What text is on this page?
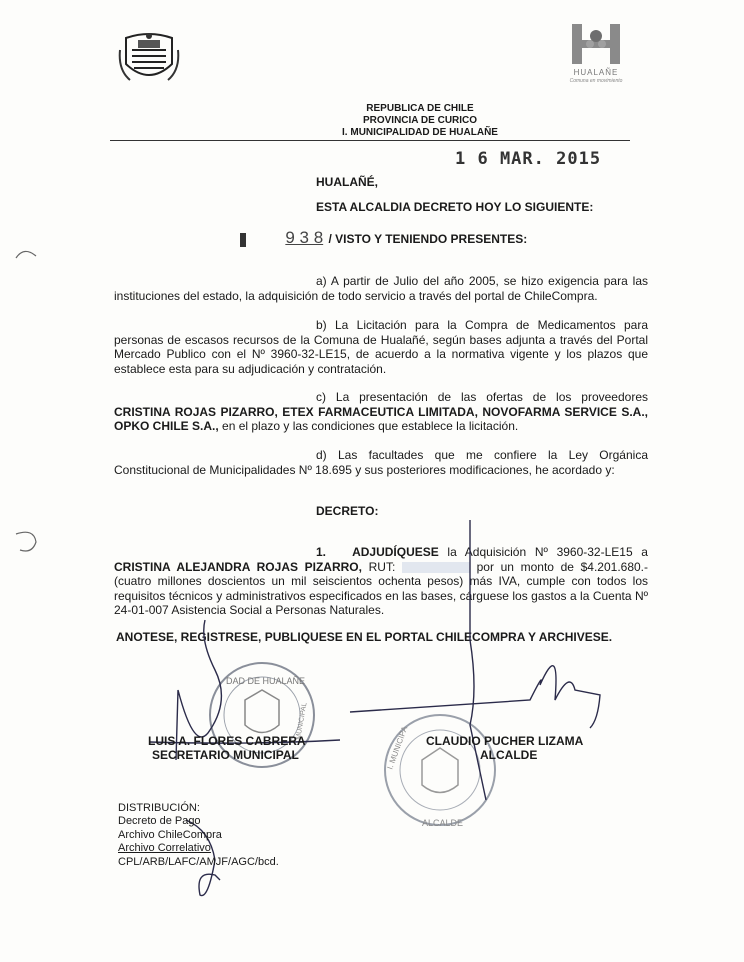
HUALAÑE
Comuna en movimiento
REPUBLICA DE CHILE
PROVINCIA DE CURICO
I. MUNICIPALIDAD DE HUALAÑE
1 6 MAR. 2015
HUALAÑÉ,
ESTA ALCALDIA DECRETO HOY LO SIGUIENTE:
9 3 8 / VISTO Y TENIENDO PRESENTES:
a) A partir de Julio del año 2005, se hizo exigencia para las instituciones del estado, la adquisición de todo servicio a través del portal de ChileCompra.
b) La Licitación para la Compra de Medicamentos para personas de escasos recursos de la Comuna de Hualañé, según bases adjunta a través del Portal Mercado Publico con el Nº 3960-32-LE15, de acuerdo a la normativa vigente y los plazos que establece esta para su adjudicación y contratación.
c) La presentación de las ofertas de los proveedores CRISTINA ROJAS PIZARRO, ETEX FARMACEUTICA LIMITADA, NOVOFARMA SERVICE S.A., OPKO CHILE S.A., en el plazo y las condiciones que establece la licitación.
d) Las facultades que me confiere la Ley Orgánica Constitucional de Municipalidades Nº 18.695 y sus posteriores modificaciones, he acordado y:
DECRETO:
1. ADJUDÍQUESE la Adquisición Nº 3960-32-LE15 a CRISTINA ALEJANDRA ROJAS PIZARRO, RUT:	por un monto de $4.201.680.- (cuatro millones doscientos un mil seiscientos ochenta pesos) más IVA, cumple con todos los requisitos técnicos y administrativos especificados en las bases, cárguese los gastos a la Cuenta Nº 24-01-007 Asistencia Social a Personas Naturales.
ANOTESE, REGISTRESE, PUBLIQUESE EN EL PORTAL CHILECOMPRA Y ARCHIVESE.
DAD DE HUALAÑE
MUNICIPAL
I. MUNICIPA
ALCALDE
LUIS A. FLORES CABRERA
SECRETARIO MUNICIPAL
CLAUDIO PUCHER LIZAMA
ALCALDE
DISTRIBUCIÓN:
Decreto de Pago
Archivo ChileCompra
Archivo Correlativo
CPL/ARB/LAFC/AMJF/AGC/bcd.
